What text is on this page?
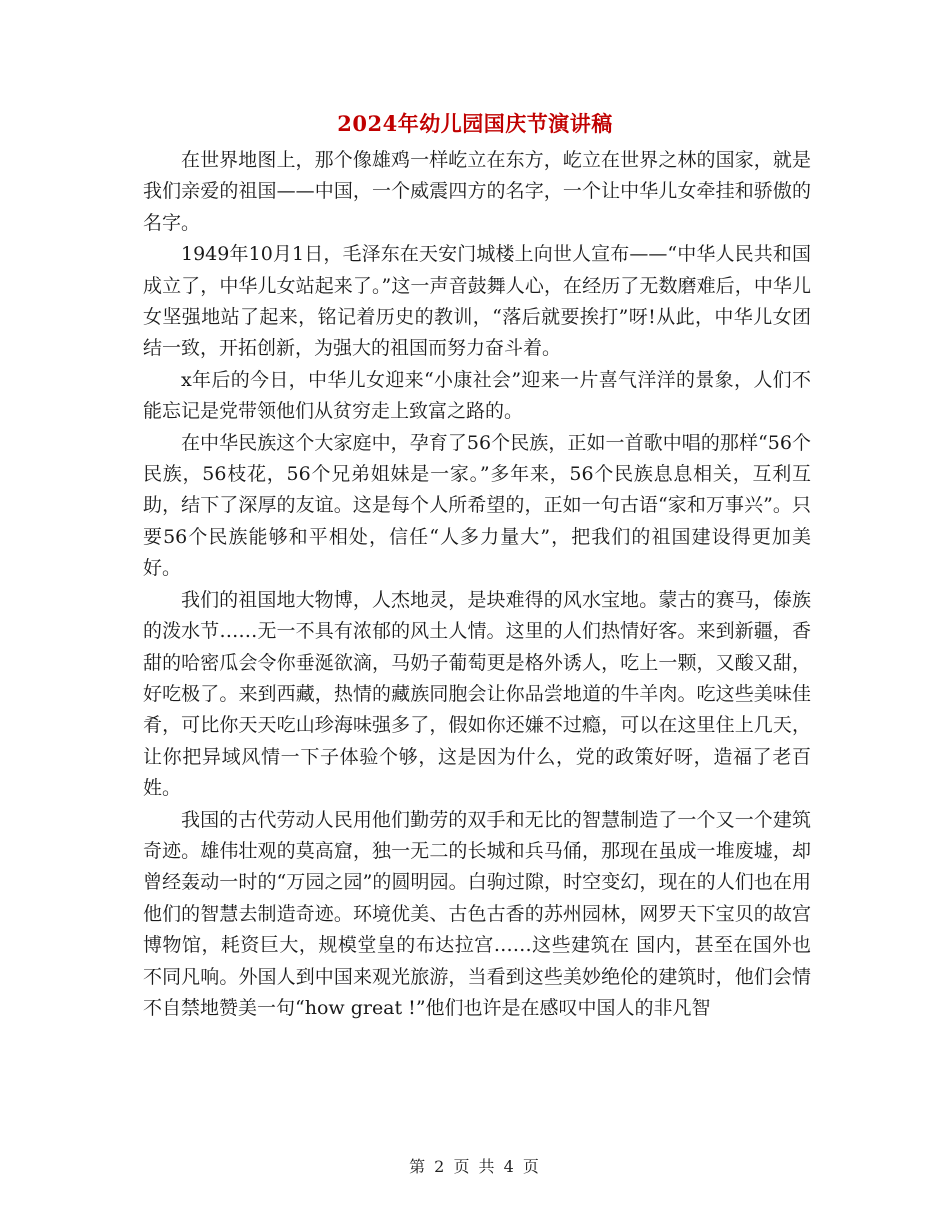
2024年幼儿园国庆节演讲稿

在世界地图上，那个像雄鸡一样屹立在东方，屹立在世界之林的国家，就是我们亲爱的祖国——中国，一个威震四方的名字，一个让中华儿女牵挂和骄傲的名字。

1949年10月1日，毛泽东在天安门城楼上向世人宣布——“中华人民共和国成立了，中华儿女站起来了。”这一声音鼓舞人心，在经历了无数磨难后，中华儿女坚强地站了起来，铭记着历史的教训，“落后就要挨打”呀!从此，中华儿女团结一致，开拓创新，为强大的祖国而努力奋斗着。

x年后的今日，中华儿女迎来“小康社会”迎来一片喜气洋洋的景象，人们不能忘记是党带领他们从贫穷走上致富之路的。

在中华民族这个大家庭中，孕育了56个民族，正如一首歌中唱的那样“56个民族，56枝花，56个兄弟姐妹是一家。”多年来，56个民族息息相关，互利互助，结下了深厚的友谊。这是每个人所希望的，正如一句古语“家和万事兴”。只要56个民族能够和平相处，信任“人多力量大”，把我们的祖国建设得更加美好。

我们的祖国地大物博，人杰地灵，是块难得的风水宝地。蒙古的赛马，傣族的泼水节……无一不具有浓郁的风土人情。这里的人们热情好客。来到新疆，香甜的哈密瓜会令你垂涎欲滴，马奶子葡萄更是格外诱人，吃上一颗，又酸又甜，好吃极了。来到西藏，热情的藏族同胞会让你品尝地道的牛羊肉。吃这些美味佳肴，可比你天天吃山珍海味强多了，假如你还嫌不过瘾，可以在这里住上几天，让你把异域风情一下子体验个够，这是因为什么，党的政策好呀，造福了老百姓。

我国的古代劳动人民用他们勤劳的双手和无比的智慧制造了一个又一个建筑奇迹。雄伟壮观的莫高窟，独一无二的长城和兵马俑，那现在虽成一堆废墟，却曾经轰动一时的“万园之园”的圆明园。白驹过隙，时空变幻，现在的人们也在用他们的智慧去制造奇迹。环境优美、古色古香的苏州园林，网罗天下宝贝的故宫博物馆，耗资巨大，规模堂皇的布达拉宫……这些建筑在 国内，甚至在国外也不同凡响。外国人到中国来观光旅游，当看到这些美妙绝伦的建筑时，他们会情不自禁地赞美一句“how great !”他们也许是在感叹中国人的非凡智

第 2 页 共 4 页
